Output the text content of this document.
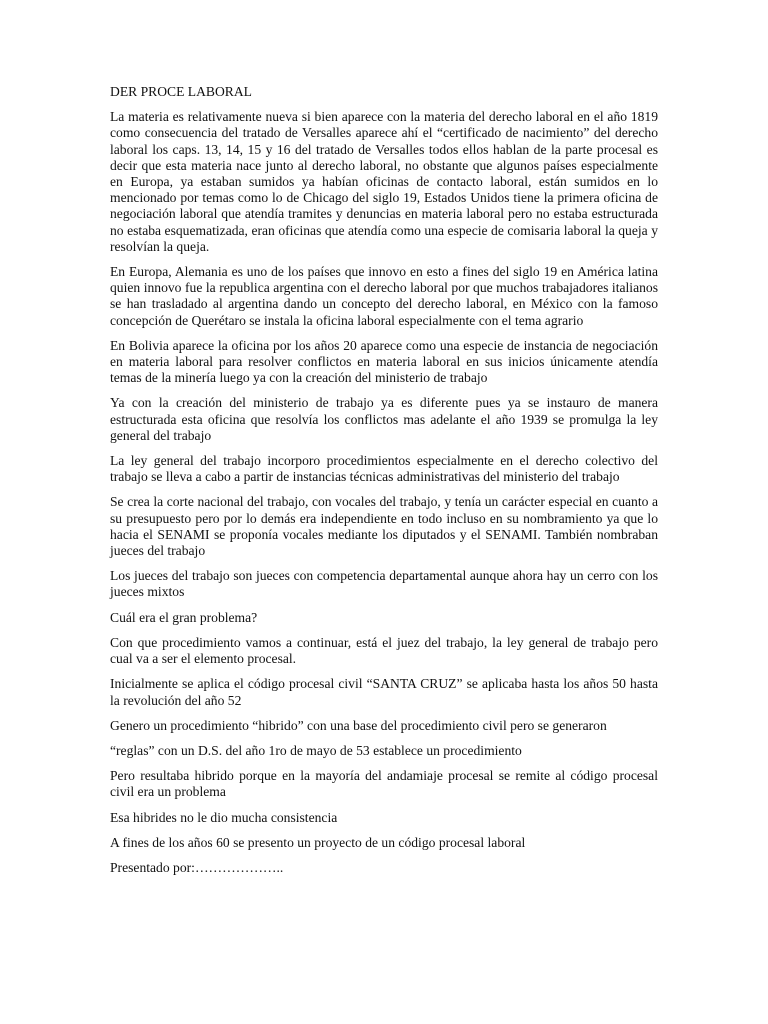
DER PROCE LABORAL

La materia es relativamente nueva si bien aparece con la materia del derecho laboral en el año 1819 como consecuencia del tratado de Versalles aparece ahí el “certificado de nacimiento” del derecho laboral los caps. 13, 14, 15 y 16 del tratado de Versalles todos ellos hablan de la parte procesal es decir que esta materia nace junto al derecho laboral, no obstante que algunos países especialmente en Europa, ya estaban sumidos ya habían oficinas de contacto laboral, están sumidos en lo mencionado por temas como lo de Chicago del siglo 19, Estados Unidos tiene la primera oficina de negociación laboral que atendía tramites y denuncias en materia laboral pero no estaba estructurada no estaba esquematizada, eran oficinas que atendía como una especie de comisaria laboral la queja y resolvían la queja.

En Europa, Alemania es uno de los países que innovo en esto a fines del siglo 19 en América latina quien innovo fue la republica argentina con el derecho laboral por que muchos trabajadores italianos se han trasladado al argentina dando un concepto del derecho laboral, en México con la famoso concepción de Querétaro se instala la oficina laboral especialmente con el tema agrario

En Bolivia aparece la oficina por los años 20 aparece como una especie de instancia de negociación en materia laboral para resolver conflictos en materia laboral en sus inicios únicamente atendía temas de la minería luego ya con la creación del ministerio de trabajo

Ya con la creación del ministerio de trabajo ya es diferente pues ya se instauro de manera estructurada esta oficina que resolvía los conflictos mas adelante el año 1939 se promulga la ley general del trabajo

La ley general del trabajo incorporo procedimientos especialmente en el derecho colectivo del trabajo se lleva a cabo a partir de instancias técnicas administrativas del ministerio del trabajo

Se crea la corte nacional del trabajo, con vocales del trabajo, y tenía un carácter especial en cuanto a su presupuesto pero por lo demás era independiente en todo incluso en su nombramiento ya que lo hacia el SENAMI se proponía vocales mediante los diputados y el SENAMI. También nombraban jueces del trabajo

Los jueces del trabajo son jueces con competencia departamental aunque ahora hay un cerro con los jueces mixtos

Cuál era el gran problema?

Con que procedimiento vamos a continuar, está el juez del trabajo, la ley general de trabajo pero cual va a ser el elemento procesal.

Inicialmente se aplica el código procesal civil “SANTA CRUZ” se aplicaba hasta los años 50 hasta la revolución del año 52

Genero un procedimiento “hibrido” con una base del procedimiento civil pero se generaron

“reglas” con un D.S. del año 1ro de mayo de 53 establece un procedimiento

Pero resultaba hibrido porque en la mayoría del andamiaje procesal se remite al código procesal civil era un problema

Esa hibrides no le dio mucha consistencia

A fines de los años 60 se presento un proyecto de un código procesal laboral

Presentado por:………………..
